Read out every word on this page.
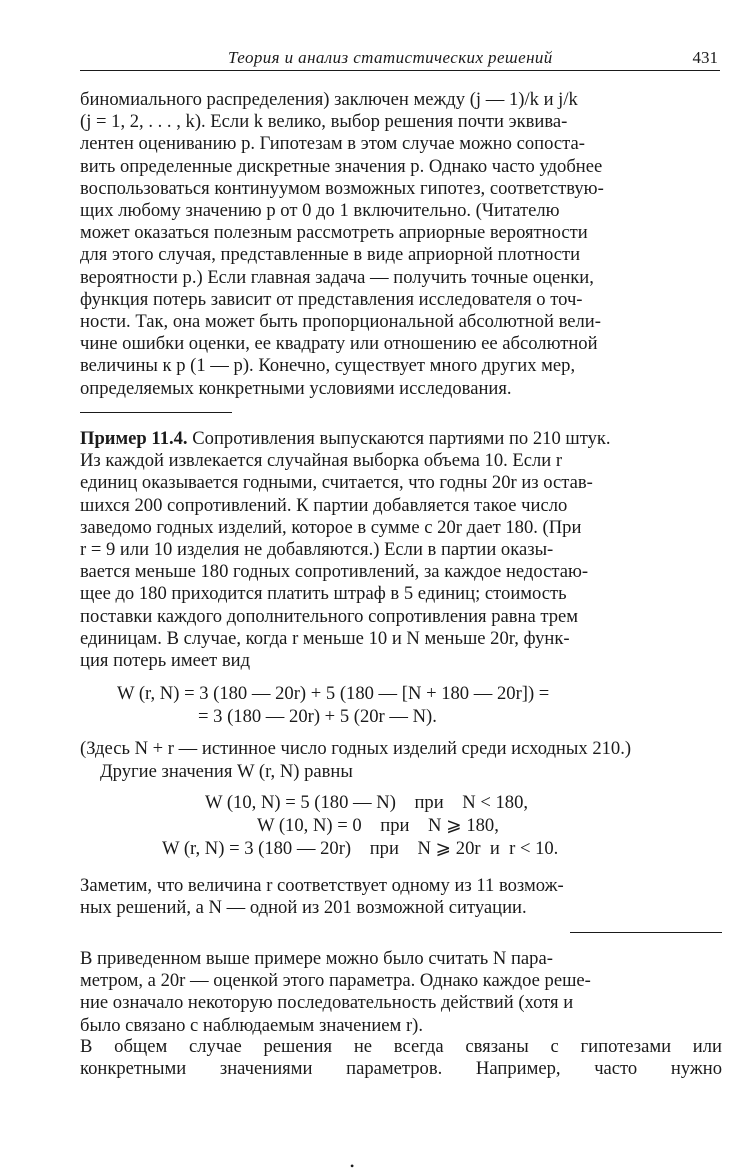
Теория и анализ статистических решений	431
биномиального распределения) заключен между (j — 1)/k и j/k
(j = 1, 2, . . . , k). Если k велико, выбор решения почти эквива-
лентен оцениванию p. Гипотезам в этом случае можно сопоста-
вить определенные дискретные значения p. Однако часто удобнее
воспользоваться континуумом возможных гипотез, соответствую-
щих любому значению p от 0 до 1 включительно. (Читателю
может оказаться полезным рассмотреть априорные вероятности
для этого случая, представленные в виде априорной плотности
вероятности p.) Если главная задача — получить точные оценки,
функция потерь зависит от представления исследователя о точ-
ности. Так, она может быть пропорциональной абсолютной вели-
чине ошибки оценки, ее квадрату или отношению ее абсолютной
величины к p (1 — p). Конечно, существует много других мер,
определяемых конкретными условиями исследования.
Пример 11.4. Сопротивления выпускаются партиями по 210 штук.
Из каждой извлекается случайная выборка объема 10. Если r
единиц оказывается годными, считается, что годны 20r из остав-
шихся 200 сопротивлений. К партии добавляется такое число
заведомо годных изделий, которое в сумме с 20r дает 180. (При
r = 9 или 10 изделия не добавляются.) Если в партии оказы-
вается меньше 180 годных сопротивлений, за каждое недостаю-
щее до 180 приходится платить штраф в 5 единиц; стоимость
поставки каждого дополнительного сопротивления равна трем
единицам. В случае, когда r меньше 10 и N меньше 20r, функ-
ция потерь имеет вид
W (r, N) = 3 (180 — 20r) + 5 (180 — [N + 180 — 20r]) =
= 3 (180 — 20r) + 5 (20r — N).
(Здесь N + r — истинное число годных изделий среди исходных 210.)
Другие значения W (r, N) равны
W (10, N) = 5 (180 — N)    при    N < 180,
W (10, N) = 0    при    N ⩾ 180,
W (r, N) = 3 (180 — 20r)    при    N ⩾ 20r  и  r < 10.
Заметим, что величина r соответствует одному из 11 возмож-
ных решений, а N — одной из 201 возможной ситуации.
В приведенном выше примере можно было считать N пара-
метром, а 20r — оценкой этого параметра. Однако каждое реше-
ние означало некоторую последовательность действий (хотя и
было связано с наблюдаемым значением r).
В общем случае решения не всегда связаны с гипотезами или
конкретными значениями параметров. Например, часто нужно
•
